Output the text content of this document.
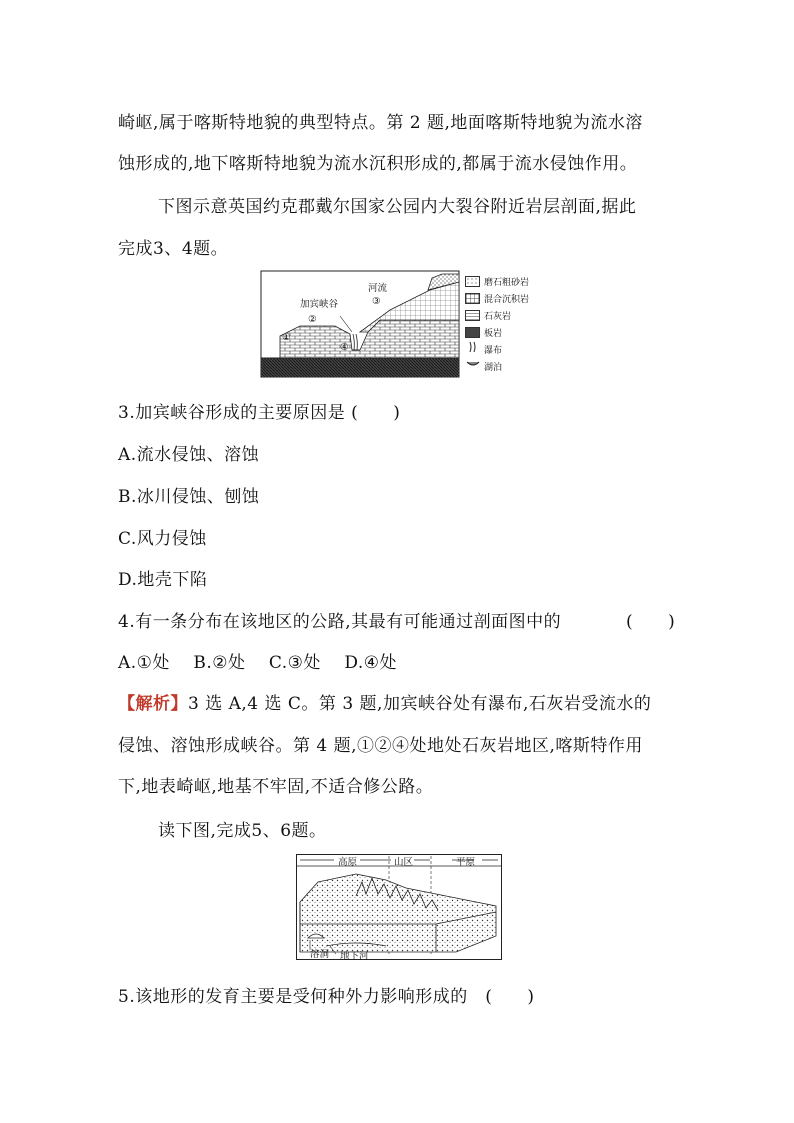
崎岖,属于喀斯特地貌的典型特点。第 2 题,地面喀斯特地貌为流水溶
蚀形成的,地下喀斯特地貌为流水沉积形成的,都属于流水侵蚀作用。
下图示意英国约克郡戴尔国家公园内大裂谷附近岩层剖面,据此
完成3、4题。
加宾峡谷
河流
①
②
③
④
磨石粗砂岩
混合沉积岩
石灰岩
板岩
瀑布
湖泊
3.加宾峡谷形成的主要原因是 (　　)
A.流水侵蚀、溶蚀
B.冰川侵蚀、刨蚀
C.风力侵蚀
D.地壳下陷
4.有一条分布在该地区的公路,其最有可能通过剖面图中的	(　　)
A.①处　 B.②处　 C.③处　 D.④处
【解析】3 选 A,4 选 C。第 3 题,加宾峡谷处有瀑布,石灰岩受流水的
侵蚀、溶蚀形成峡谷。第 4 题,①②④处地处石灰岩地区,喀斯特作用
下,地表崎岖,地基不牢固,不适合修公路。
读下图,完成5、6题。
高原	山区	平原
溶洞 地下河
5.该地形的发育主要是受何种外力影响形成的　(　　)
